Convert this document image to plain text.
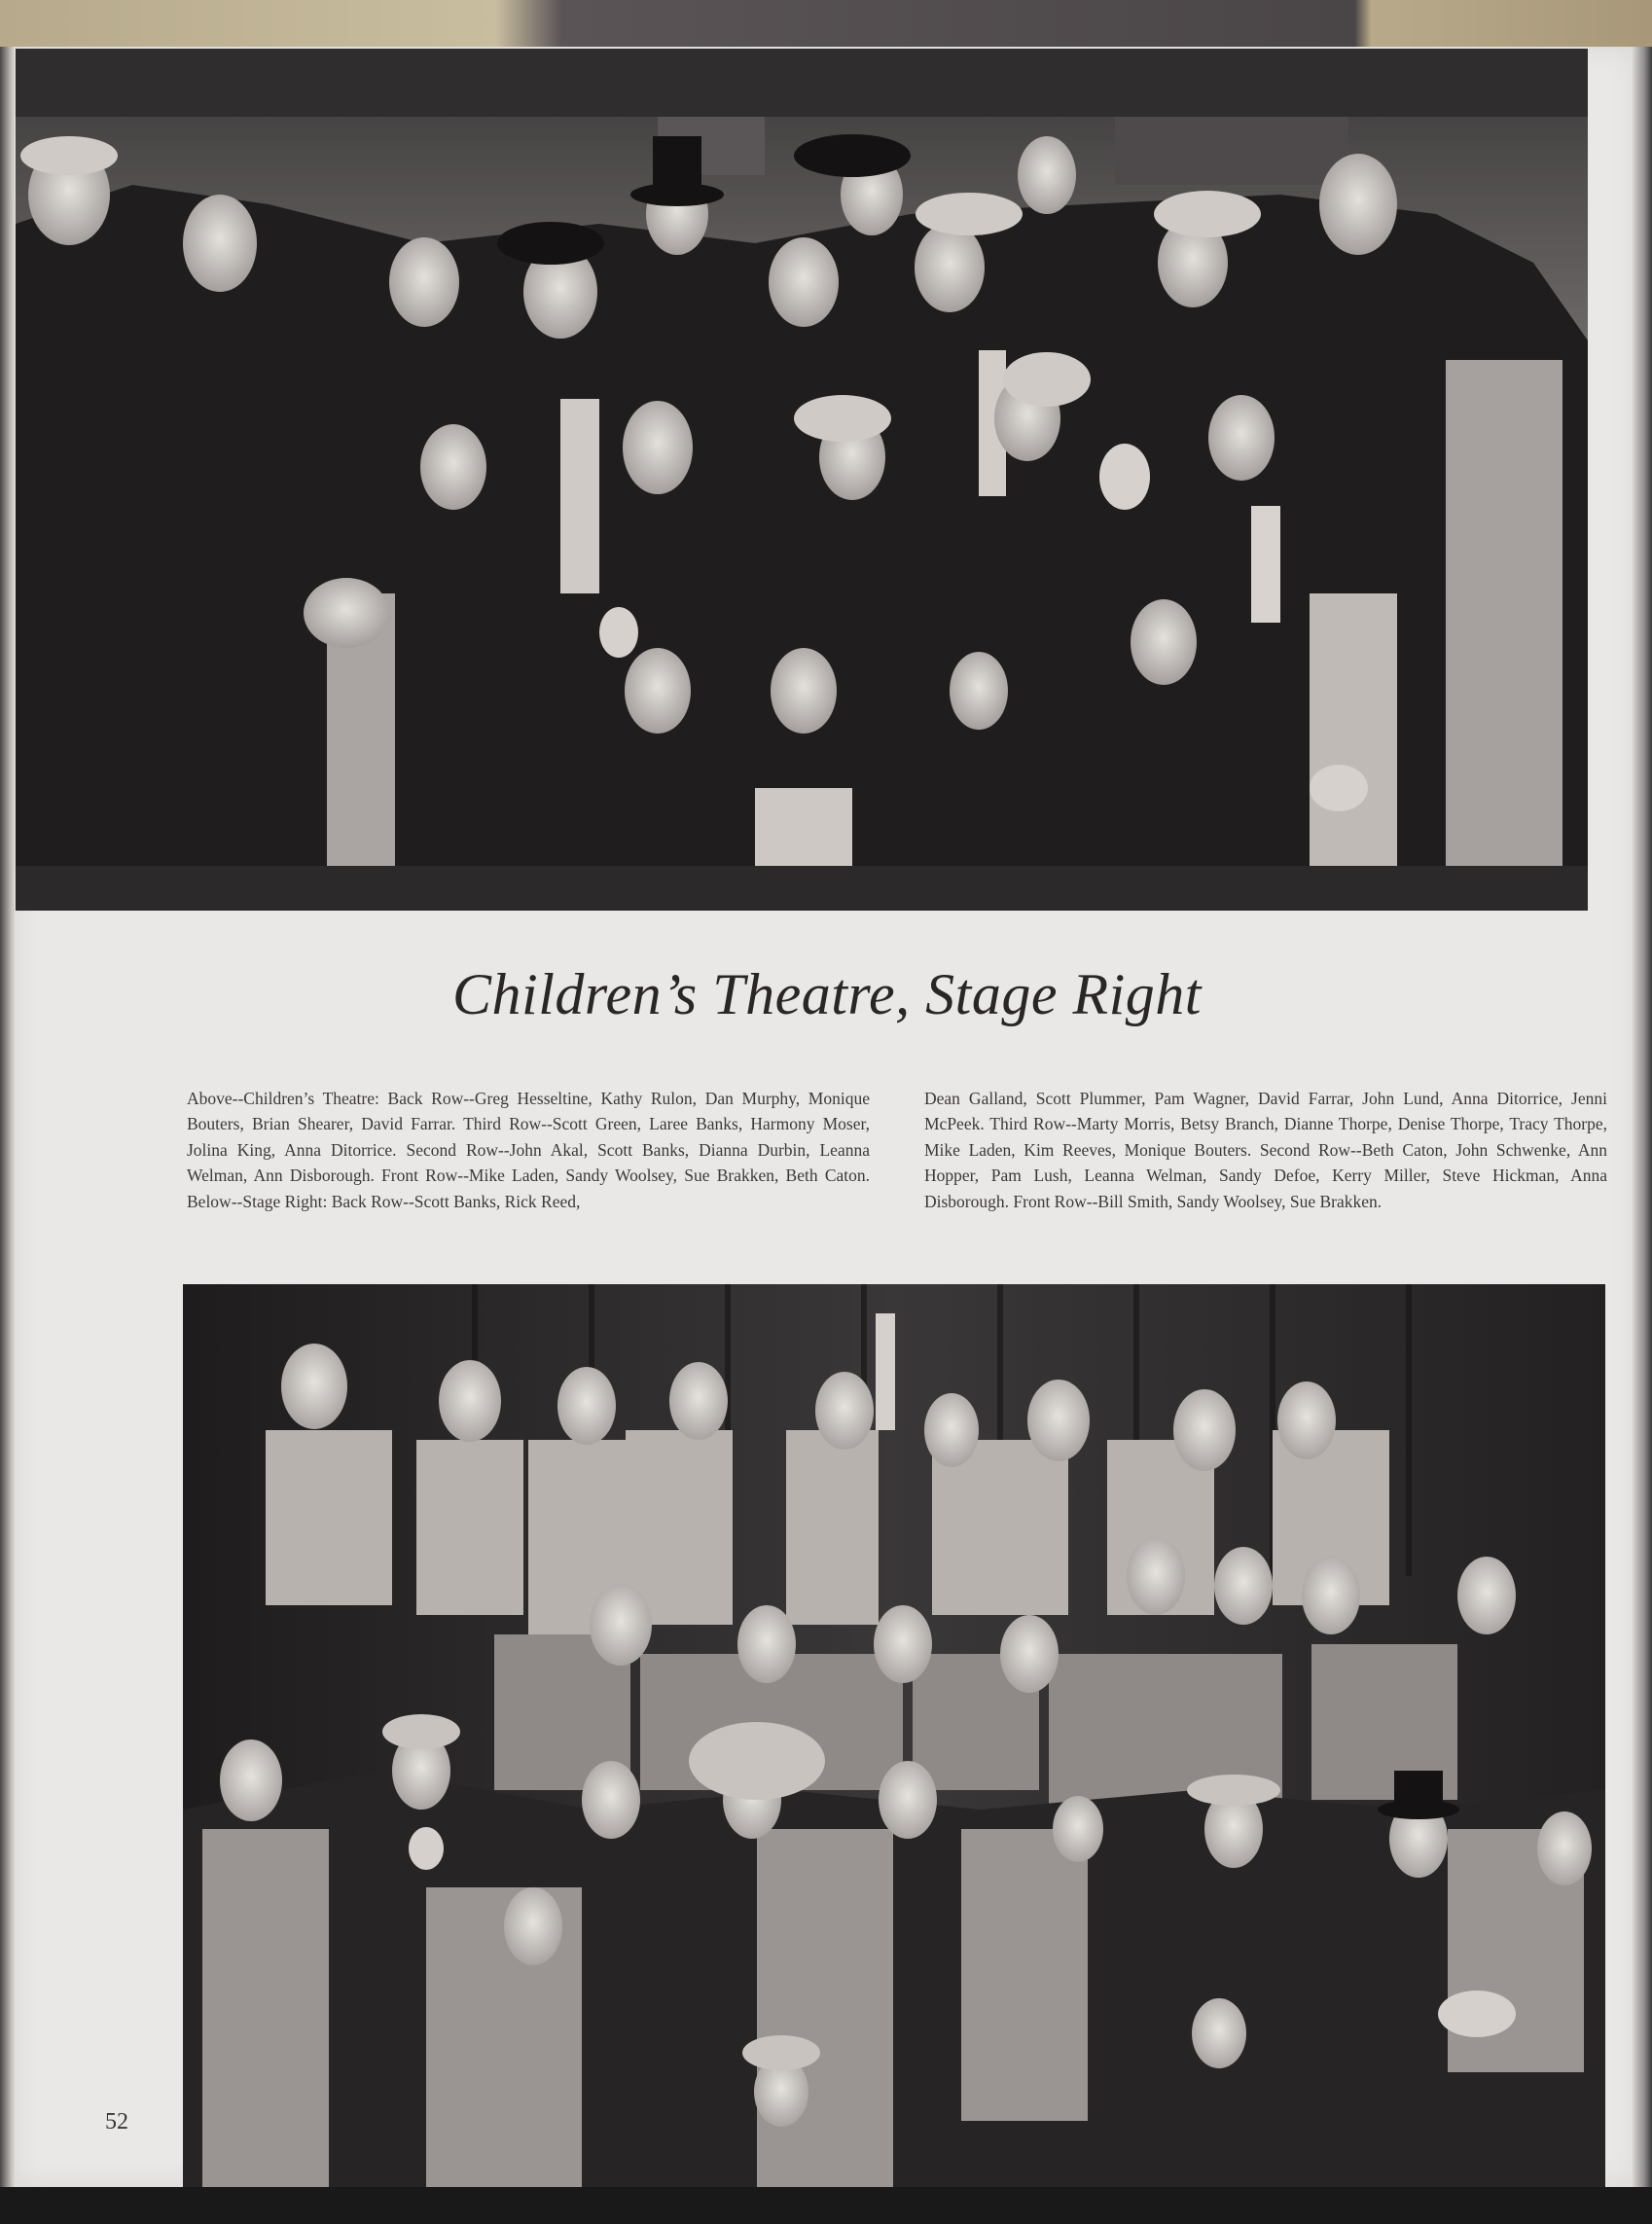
Children’s Theatre, Stage Right
Above--Children’s Theatre: Back Row--Greg Hesseltine, Kathy Rulon, Dan Murphy, Monique Bouters, Brian Shearer, David Farrar. Third Row--Scott Green, Laree Banks, Harmony Moser, Jolina King, Anna Ditorrice. Second Row--John Akal, Scott Banks, Dianna Durbin, Leanna Welman, Ann Disborough. Front Row--Mike Laden, Sandy Woolsey, Sue Brakken, Beth Caton. Below--Stage Right: Back Row--Scott Banks, Rick Reed,
Dean Galland, Scott Plummer, Pam Wagner, David Farrar, John Lund, Anna Ditorrice, Jenni McPeek. Third Row--Marty Morris, Betsy Branch, Dianne Thorpe, Denise Thorpe, Tracy Thorpe, Mike Laden, Kim Reeves, Monique Bouters. Second Row--Beth Caton, John Schwenke, Ann Hopper, Pam Lush, Leanna Welman, Sandy Defoe, Kerry Miller, Steve Hickman, Anna Disborough. Front Row--Bill Smith, Sandy Woolsey, Sue Brakken.
52
